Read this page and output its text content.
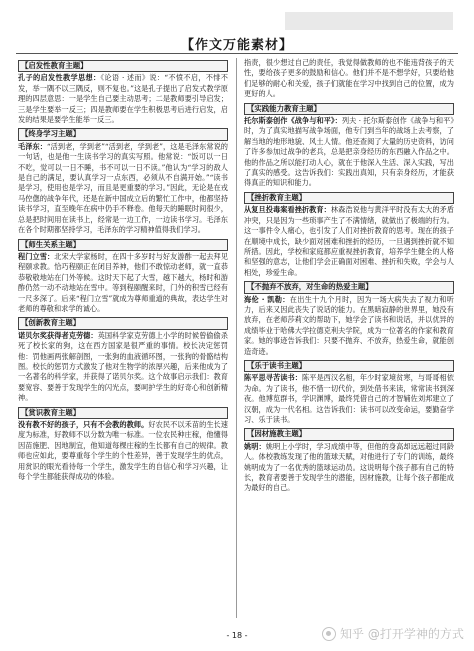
【作文万能素材】
【启发性教育主题】

孔子的启发性教学思想：《论语 · 述而》说：“不愤不启，不悱不发，举一隅不以三隅反，则不复也。”这是孔子提出了启发式教学原理的四层意思：一是学生自己要主动思考；二是教师要引导启发；三是学生要举一反三；四是教师要在学生积极思考后进行启发，启发的结果是要学生能举一反三。

【终身学习主题】

毛泽东：“活到老，学到老”“活到老，学到老”，这是毛泽东常说的一句话，也是他一生读书学习的真实写照。他常说：“饭可以一日不吃，觉可以一日不睡，书不可以一日不读。”他认为“学习的敌人是自己的满足，要认真学习一点东西，必须从不自满开始。”“读书是学习，使用也是学习，而且是更重要的学习。”因此，无论是在戎马倥偬的战争年代，还是在新中国成立后的繁忙工作中，他都坚持读书学习，直至晚年在病中仍手不释卷。他每天的睡眠时间很少，总是把时间用在读书上，经常是一边工作，一边读书学习。毛泽东在各个时期都坚持学习，毛泽东的学习精神值得我们学习。

【师生关系主题】

程门立雪：北宋大学家杨时，在四十多岁时与好友游酢一起去拜见程颐求教。恰巧程颐正在闭目养神，他们不敢惊动老师，就一直恭恭敬敬地站在门外等候。这时天下起了大雪，越下越大，杨时和游酢仍然一动不动地站在雪中。等到程颐醒来时，门外的积雪已经有一尺多深了。后来“程门立雪”就成为尊师重道的典故，表达学生对老师的尊敬和求学的诚心。

【创新教育主题】

诺贝尔奖获得者克劳德：英国科学家克劳德上小学的时候曾偷偷杀死了校长家的狗，这在西方国家是很严重的事情。校长决定惩罚他：罚他画两张解剖图，一张狗的血液循环图，一张狗的骨骼结构图。校长的惩罚方式激发了他对生物学的浓厚兴趣，后来他成为了一名著名的科学家，并获得了诺贝尔奖。这个故事启示我们：教育要宽容、要善于发现学生的闪光点，要呵护学生的好奇心和创新精神。

【赏识教育主题】

没有教不好的孩子，只有不会教的教师。好农民不以禾苗的生长速度为标准，好教师不以分数为唯一标准。一位农民种庄稼，他懂得因苗施肥、因地制宜，他知道每棵庄稼的生长都有自己的规律。教师也应如此，要尊重每个学生的个性差异，善于发现学生的优点，用赏识的眼光看待每一个学生，激发学生的自信心和学习兴趣，让每个学生都能获得成功的体验。

指责，很少想过自己的责任，我觉得做教师的也不能违背孩子的天性，要给孩子更多的鼓励和信心。他们并不是不想学好，只要给他们足够的耐心和关爱，孩子们就能在学习中找到自己的位置，成为更好的人。

【实践能力教育主题】

托尔斯泰创作《战争与和平》：列夫 · 托尔斯泰创作《战争与和平》时，为了真实地描写战争场面，他专门到当年的战场上去考察，了解当地的地形地貌、风土人情。他还查阅了大量的历史资料，访问了许多参加过战争的老兵，总是把亲身经历的东西融入作品之中。他的作品之所以能打动人心，就在于他深入生活、深入实践，写出了真实的感受。这告诉我们：实践出真知，只有亲身经历，才能获得真正的知识和能力。

【挫折教育主题】

从复旦投毒案看挫折教育：林森浩说他与黄洋平时没有太大的矛盾冲突，只是因为一些琐事产生了不满情绪，就做出了极端的行为。这一事件令人痛心，也引发了人们对挫折教育的思考。现在的孩子在顺境中成长，缺少面对困难和挫折的经历，一旦遇到挫折就不知所措。因此，学校和家庭都应重视挫折教育，培养学生健全的人格和坚强的意志，让他们学会正确面对困难、挫折和失败，学会与人相处，珍爱生命。

【不抛弃不放弃，对生命的热爱主题】

海伦 · 凯勒：在出生十九个月时，因为一场大病失去了视力和听力，后来又因此丧失了说话的能力。在黑暗寂静的世界里，她没有放弃，在老师莎莉文的帮助下，她学会了读书和说话，并以优异的成绩毕业于哈佛大学拉德克利夫学院，成为一位著名的作家和教育家。她的事迹告诉我们：只要不抛弃、不放弃，热爱生命，就能创造奇迹。

【乐于读书主题】

陈平思寻苦读书：陈平是西汉名相，年少时家境贫寒，与哥哥相依为命。为了读书，他不惜一切代价，到处借书来读，常常读书到深夜。他博览群书，学识渊博，最终凭借自己的才智辅佐刘邦建立了汉朝，成为一代名相。这告诉我们：读书可以改变命运，要勤奋学习、乐于读书。

【因材施教主题】

姚明：姚明上小学时，学习成绩中等，但他的身高却远远超过同龄人。体校教练发现了他的篮球天赋，对他进行了专门的训练，最终姚明成为了一名优秀的篮球运动员。这说明每个孩子都有自己的特长，教育者要善于发现学生的潜能，因材施教，让每个孩子都能成为最好的自己。

- 18 -	知乎 @打开学神的方式
